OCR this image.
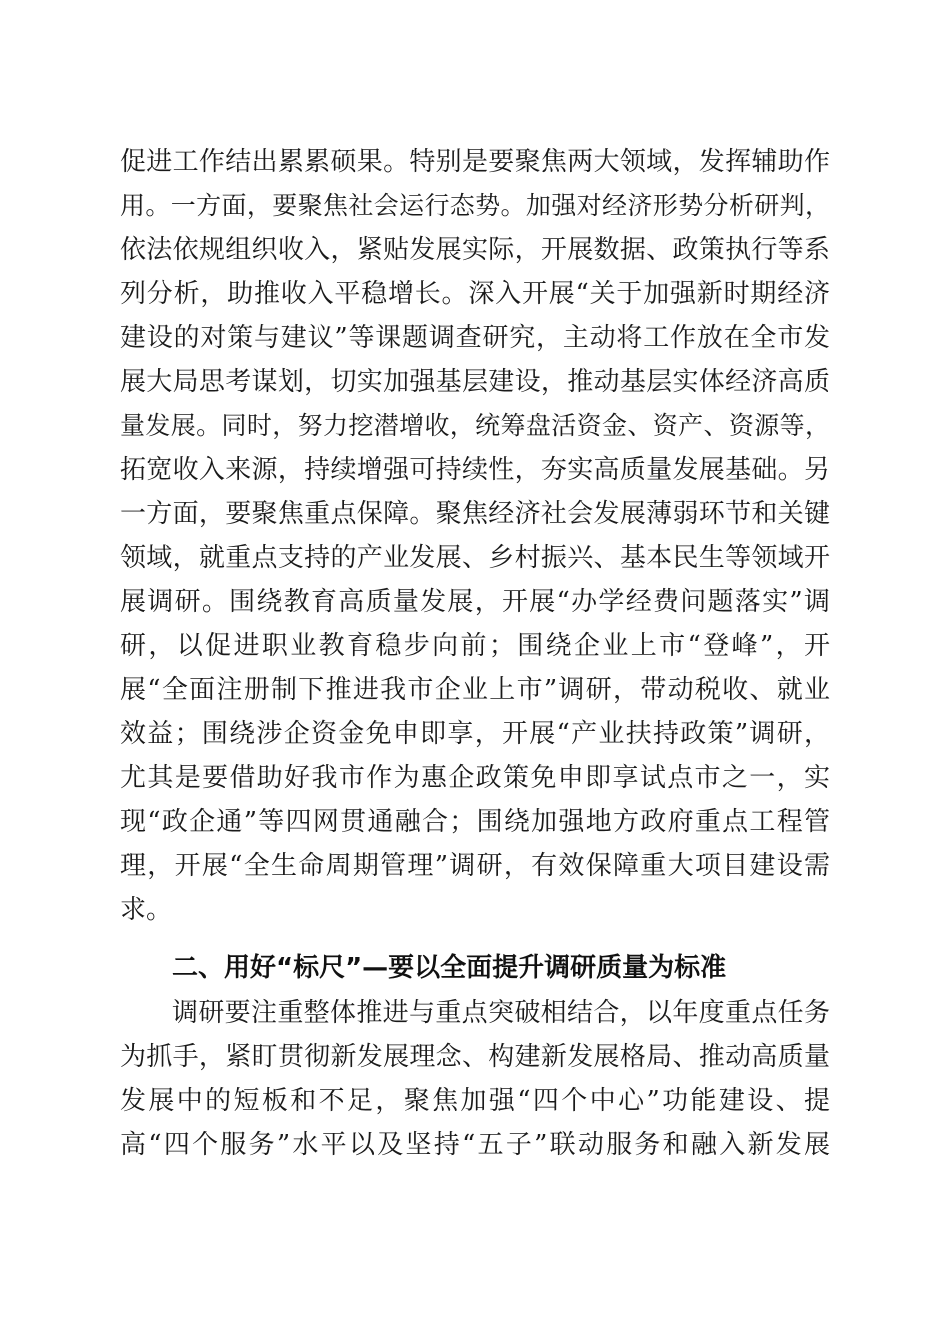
促进工作结出累累硕果。特别是要聚焦两大领域，发挥辅助作
用。一方面，要聚焦社会运行态势。加强对经济形势分析研判，
依法依规组织收入，紧贴发展实际，开展数据、政策执行等系
列分析，助推收入平稳增长。深入开展“关于加强新时期经济
建设的对策与建议”等课题调查研究，主动将工作放在全市发
展大局思考谋划，切实加强基层建设，推动基层实体经济高质
量发展。同时，努力挖潜增收，统筹盘活资金、资产、资源等，
拓宽收入来源，持续增强可持续性，夯实高质量发展基础。另
一方面，要聚焦重点保障。聚焦经济社会发展薄弱环节和关键
领域，就重点支持的产业发展、乡村振兴、基本民生等领域开
展调研。围绕教育高质量发展，开展“办学经费问题落实”调
研，以促进职业教育稳步向前；围绕企业上市“登峰”，开
展“全面注册制下推进我市企业上市”调研，带动税收、就业
效益；围绕涉企资金免申即享，开展“产业扶持政策”调研，
尤其是要借助好我市作为惠企政策免申即享试点市之一，实
现“政企通”等四网贯通融合；围绕加强地方政府重点工程管
理，开展“全生命周期管理”调研，有效保障重大项目建设需
求。
二、用好“标尺”—要以全面提升调研质量为标准
调研要注重整体推进与重点突破相结合，以年度重点任务
为抓手，紧盯贯彻新发展理念、构建新发展格局、推动高质量
发展中的短板和不足，聚焦加强“四个中心”功能建设、提
高“四个服务”水平以及坚持“五子”联动服务和融入新发展
